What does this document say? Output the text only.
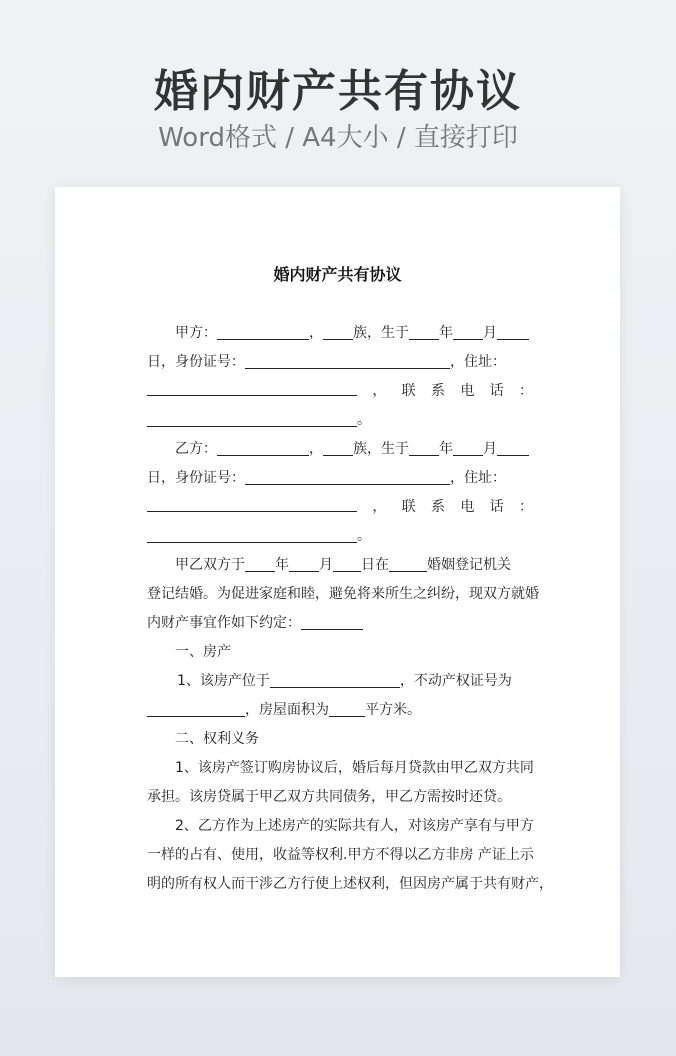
婚内财产共有协议
Word格式 / A4大小 / 直接打印
婚内财产共有协议
甲方：	， 族，生于 年 月
日，身份证号：	，住址：
， 联 系 电 话 ：
。
乙方：	， 族，生于 年 月
日，身份证号：	，住址：
， 联 系 电 话 ：
。
甲乙双方于 年 月 日在	婚姻登记机关
登记结婚。为促进家庭和睦，避免将来所生之纠纷，现双方就婚
内财产事宜作如下约定：
一、房产
1、该房产位于	，不动产权证号为
，房屋面积为	平方米。
二、权利义务
1、该房产签订购房协议后，婚后每月贷款由甲乙双方共同
承担。该房贷属于甲乙双方共同债务，甲乙方需按时还贷。
2、乙方作为上述房产的实际共有人，对该房产享有与甲方
一样的占有、使用，收益等权利.甲方不得以乙方非房 产证上示
明的所有权人而干涉乙方行使上述权利，但因房产属于共有财产，
